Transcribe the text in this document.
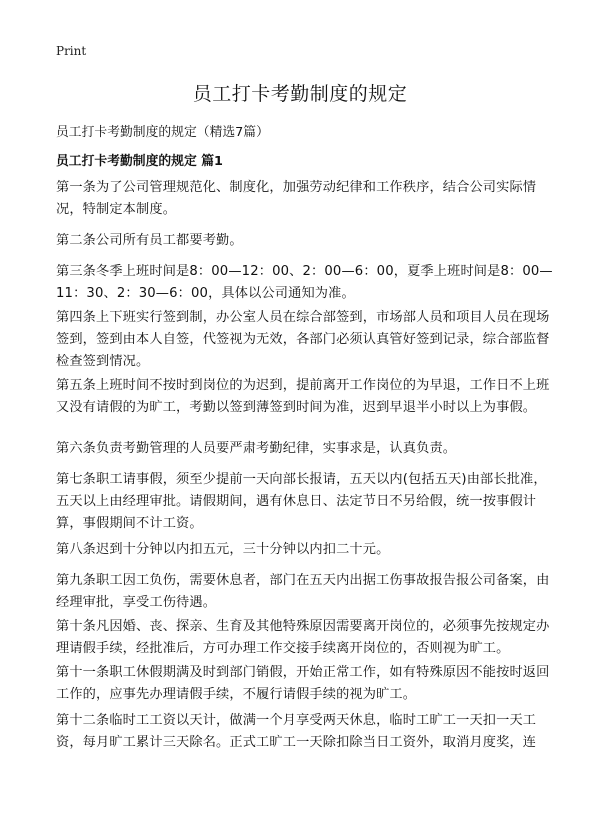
Print
员工打卡考勤制度的规定

员工打卡考勤制度的规定（精选7篇）

员工打卡考勤制度的规定 篇1

第一条为了公司管理规范化、制度化，加强劳动纪律和工作秩序，结合公司实际情况，特制定本制度。

第二条公司所有员工都要考勤。

第三条冬季上班时间是8：00—12：00、2：00—6：00，夏季上班时间是8：00—11：30、2：30—6：00，具体以公司通知为准。

第四条上下班实行签到制，办公室人员在综合部签到，市场部人员和项目人员在现场签到，签到由本人自签，代签视为无效，各部门必须认真管好签到记录，综合部监督检查签到情况。

第五条上班时间不按时到岗位的为迟到，提前离开工作岗位的为早退，工作日不上班又没有请假的为旷工，考勤以签到薄签到时间为准，迟到早退半小时以上为事假。

第六条负责考勤管理的人员要严肃考勤纪律，实事求是，认真负责。

第七条职工请事假，须至少提前一天向部长报请，五天以内(包括五天)由部长批准，五天以上由经理审批。请假期间，遇有休息日、法定节日不另给假，统一按事假计算，事假期间不计工资。

第八条迟到十分钟以内扣五元，三十分钟以内扣二十元。

第九条职工因工负伤，需要休息者，部门在五天内出据工伤事故报告报公司备案，由经理审批，享受工伤待遇。

第十条凡因婚、丧、探亲、生育及其他特殊原因需要离开岗位的，必须事先按规定办理请假手续，经批准后，方可办理工作交接手续离开岗位的，否则视为旷工。

第十一条职工休假期满及时到部门销假，开始正常工作，如有特殊原因不能按时返回工作的，应事先办理请假手续，不履行请假手续的视为旷工。

第十二条临时工工资以天计，做满一个月享受两天休息，临时工旷工一天扣一天工资，每月旷工累计三天除名。正式工旷工一天除扣除当日工资外，取消月度奖，连
